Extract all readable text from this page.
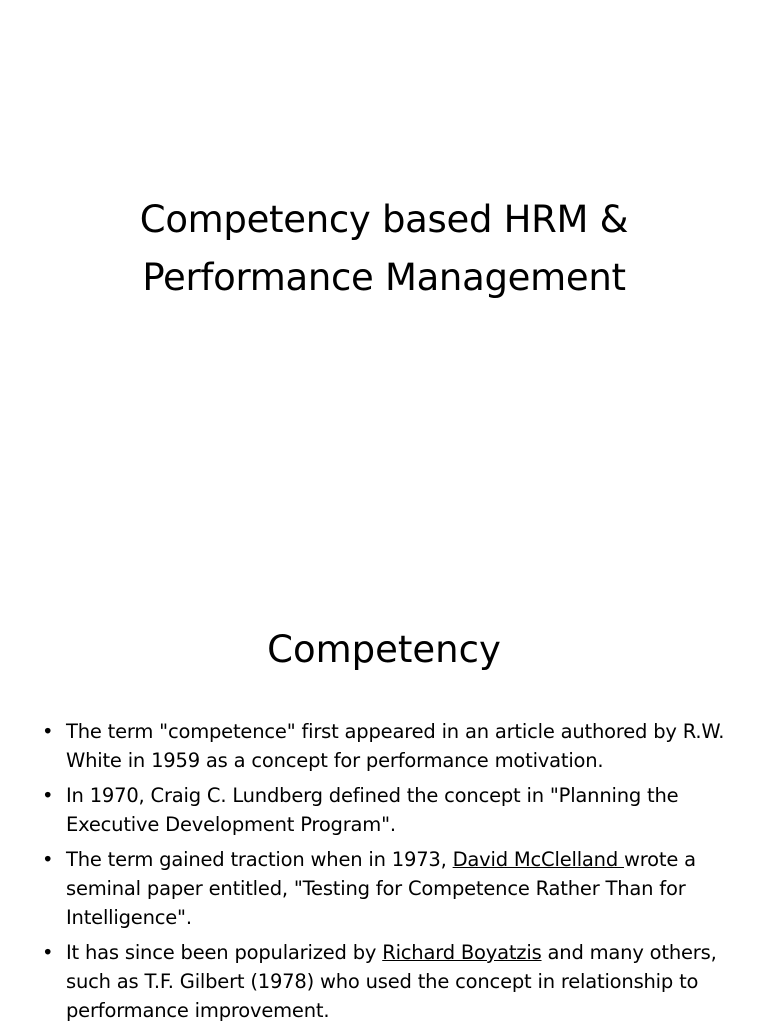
Competency based HRM &
Performance Management
Competency
• The term "competence" first appeared in an article authored by R.W. White in 1959 as a concept for performance motivation.
• In 1970, Craig C. Lundberg defined the concept in "Planning the Executive Development Program".
• The term gained traction when in 1973, David McClelland wrote a seminal paper entitled, "Testing for Competence Rather Than for Intelligence".
• It has since been popularized by Richard Boyatzis and many others, such as T.F. Gilbert (1978) who used the concept in relationship to performance improvement.
